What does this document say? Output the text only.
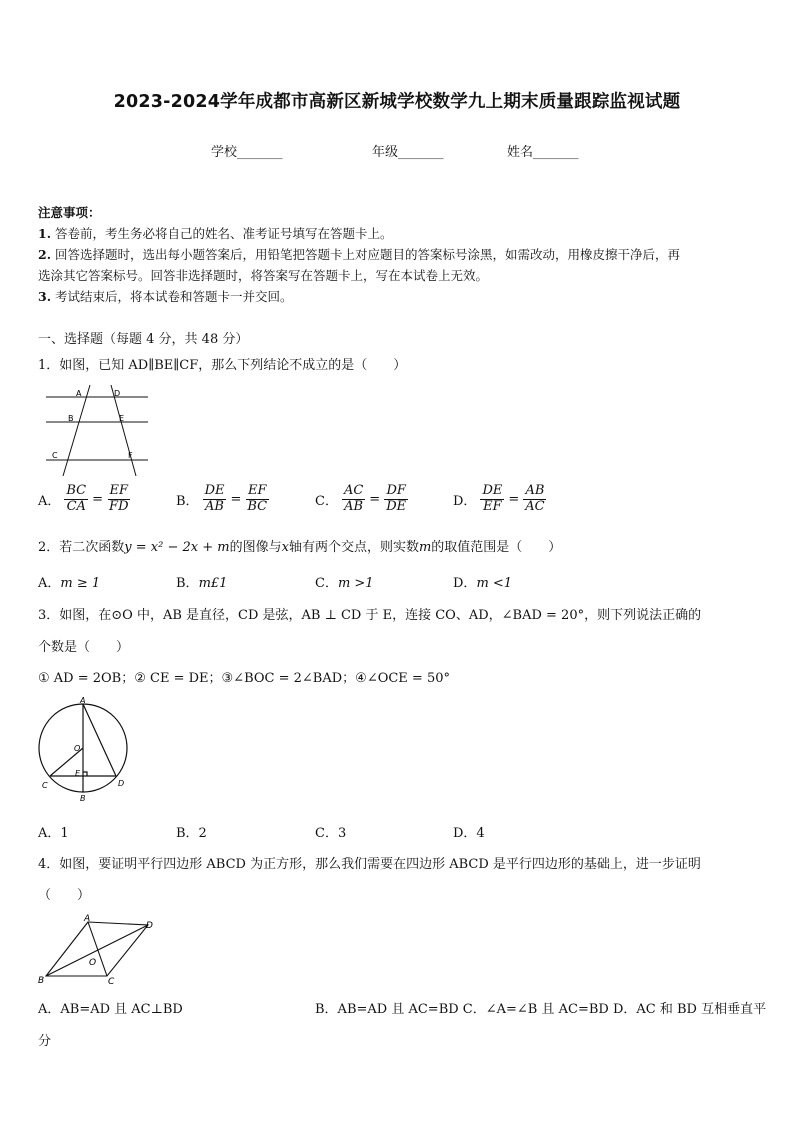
2023-2024学年成都市高新区新城学校数学九上期末质量跟踪监视试题
学校_______	年级_______	姓名_______
注意事项：
1. 答卷前，考生务必将自己的姓名、准考证号填写在答题卡上。
2. 回答选择题时，选出每小题答案后，用铅笔把答题卡上对应题目的答案标号涂黑，如需改动，用橡皮擦干净后，再
选涂其它答案标号。回答非选择题时，将答案写在答题卡上，写在本试卷上无效。
3. 考试结束后，将本试卷和答题卡一并交回。
一、选择题（每题 4 分，共 48 分）
1．如图，已知 AD∥BE∥CF，那么下列结论不成立的是（　　）
A	D
B	E
C	F
A． $\frac{BC}{CA} = \frac{EF}{FD}$	B． $\frac{DE}{AB} = \frac{EF}{BC}$	C． $\frac{AC}{AB} = \frac{DF}{DE}$	D． $\frac{DE}{EF} = \frac{AB}{AC}$
2．若二次函数y = x² − 2x + m的图像与x轴有两个交点，则实数m的取值范围是（　　）
A．m ≥ 1	B．m£1	C．m >1	D．m <1
3．如图，在⊙O 中，AB 是直径，CD 是弦，AB ⊥ CD 于 E，连接 CO、AD，∠BAD = 20°，则下列说法正确的
个数是（　　）
① AD = 2OB；② CE = DE；③∠BOC = 2∠BAD；④∠OCE = 50°
A
O
E
C
B
D
A．1	B．2	C．3	D．4
4．如图，要证明平行四边形 ABCD 为正方形，那么我们需要在四边形 ABCD 是平行四边形的基础上，进一步证明
（　　）
A
D
O
B	C
A．AB=AD 且 AC⊥BD	B．AB=AD 且 AC=BD C．∠A=∠B 且 AC=BD D．AC 和 BD 互相垂直平
分
